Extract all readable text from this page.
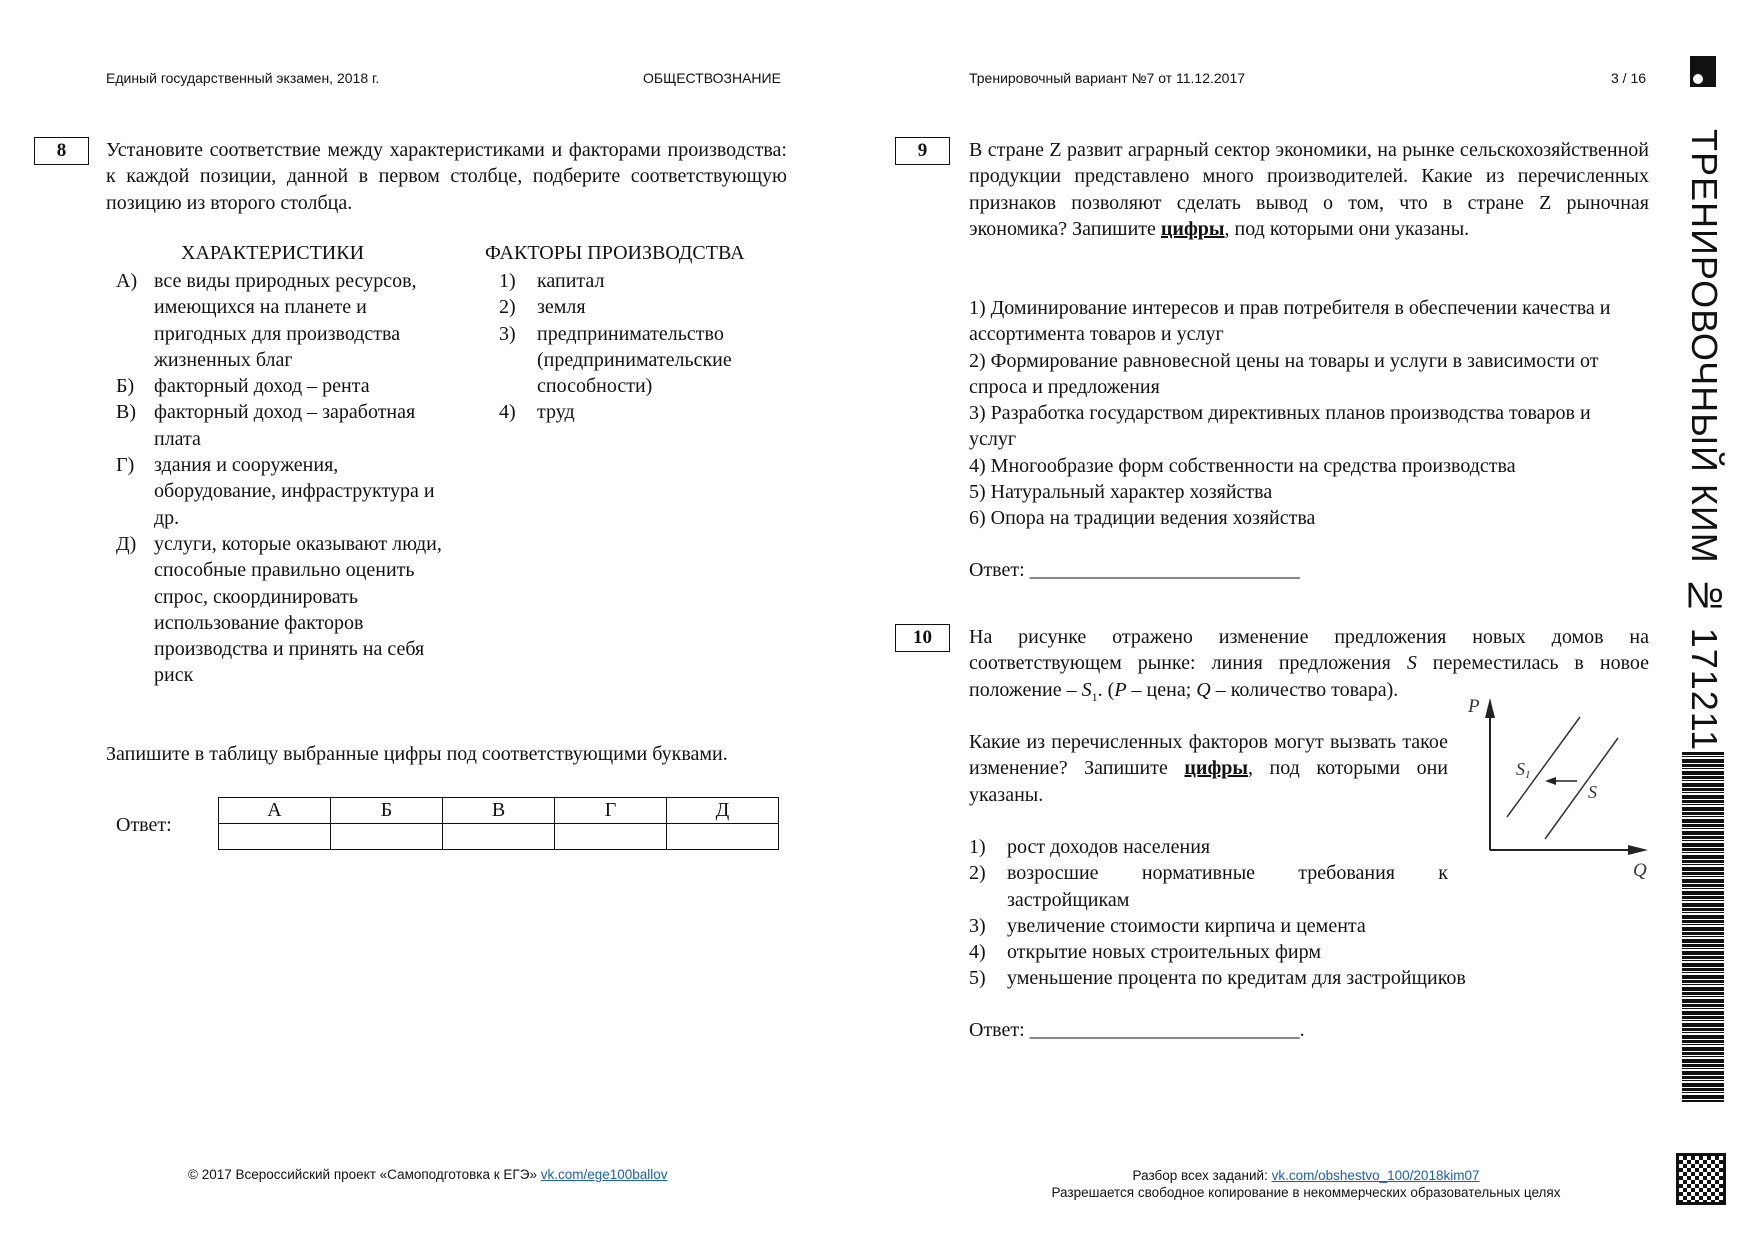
Единый государственный экзамен, 2018 г.	ОБЩЕСТВОЗНАНИЕ	Тренировочный вариант №7 от 11.12.2017	3 / 16
8	Установите соответствие между характеристиками и факторами производства: к каждой позиции, данной в первом столбце, подберите соответствующую позицию из второго столбца.
ХАРАКТЕРИСТИКИ	ФАКТОРЫ ПРОИЗВОДСТВА
А) все виды природных ресурсов, имеющихся на планете и пригодных для производства жизненных благ
Б) факторный доход – рента
В) факторный доход – заработная плата
Г) здания и сооружения, оборудование, инфраструктура и др.
Д) услуги, которые оказывают люди, способные правильно оценить спрос, скоординировать использование факторов производства и принять на себя риск
1)	капитал
2)	земля
3)	предпринимательство (предпринимательские способности)
4)	труд
Запишите в таблицу выбранные цифры под соответствующими буквами.
Ответ:
А	Б	В	Г	Д

9	В стране Z развит аграрный сектор экономики, на рынке сельскохозяйственной продукции представлено много производителей. Какие из перечисленных признаков позволяют сделать вывод о том, что в стране Z рыночная экономика? Запишите цифры, под которыми они указаны.
1) Доминирование интересов и прав потребителя в обеспечении качества и ассортимента товаров и услуг
2) Формирование равновесной цены на товары и услуги в зависимости от спроса и предложения
3) Разработка государством директивных планов производства товаров и услуг
4) Многообразие форм собственности на средства производства
5) Натуральный характер хозяйства
6) Опора на традиции ведения хозяйства
Ответ: ___________________________
10	На рисунке отражено изменение предложения новых домов на соответствующем рынке: линия предложения S переместилась в новое положение – $S_1$. (P – цена; Q – количество товара).
Какие из перечисленных факторов могут вызвать такое изменение? Запишите цифры, под которыми они указаны.
1)	рост доходов населения
2)	возросшие нормативные требования к застройщикам
3)	увеличение стоимости кирпича и цемента
4)	открытие новых строительных фирм
5)	уменьшение процента по кредитам для застройщиков
Ответ: ___________________________.
P
Q
S1
S
ТРЕНИРОВОЧНЫЙ КИМ № 171211
© 2017 Всероссийский проект «Самоподготовка к ЕГЭ» vk.com/ege100ballov	Разбор всех заданий: vk.com/obshestvo_100/2018kim07
Разрешается свободное копирование в некоммерческих образовательных целях
